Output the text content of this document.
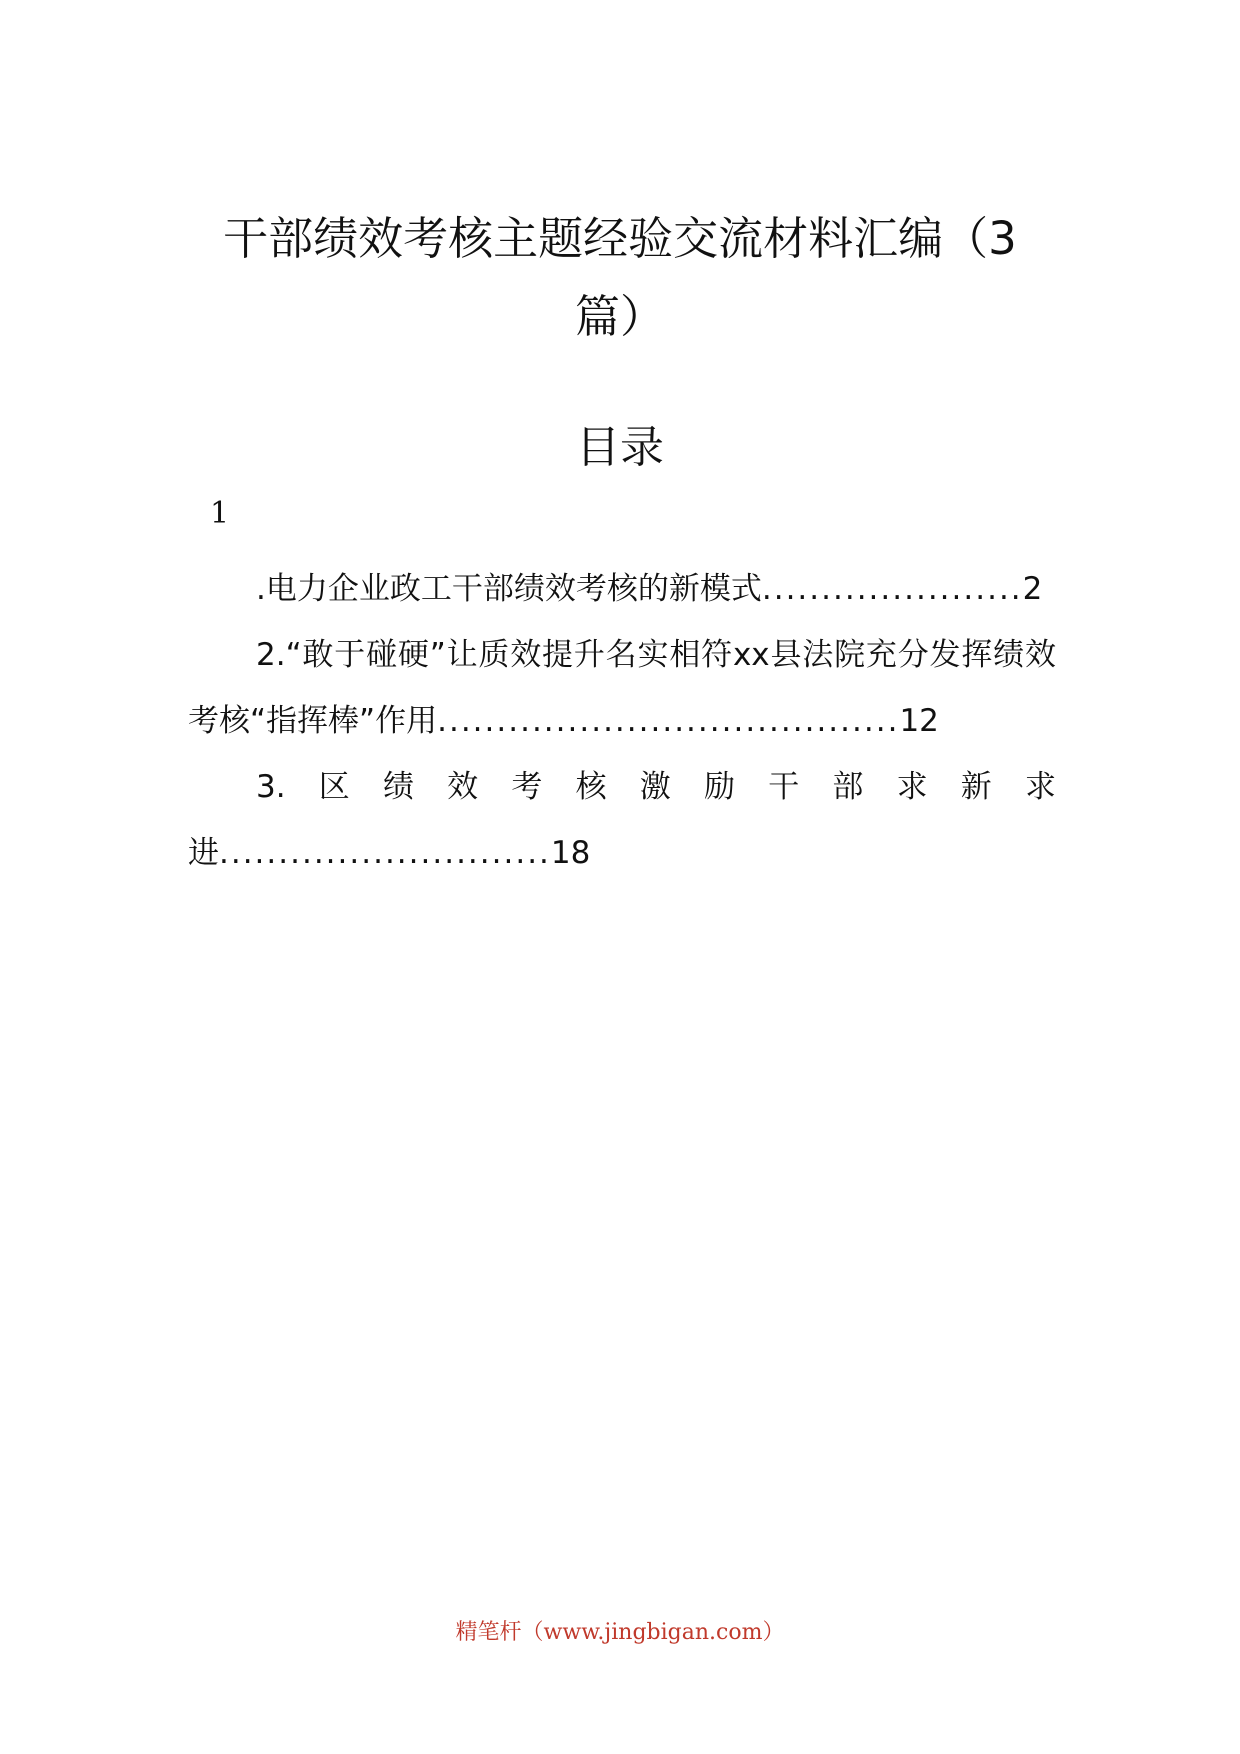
干部绩效考核主题经验交流材料汇编（3篇）
目录
1
.电力企业政工干部绩效考核的新模式......................2
2.“敢于碰硬”让质效提升名实相符xx县法院充分发挥绩效考核“指挥棒”作用.......................................12
3.区绩效考核激励干部求新求进............................18
精笔杆（www.jingbigan.com）
